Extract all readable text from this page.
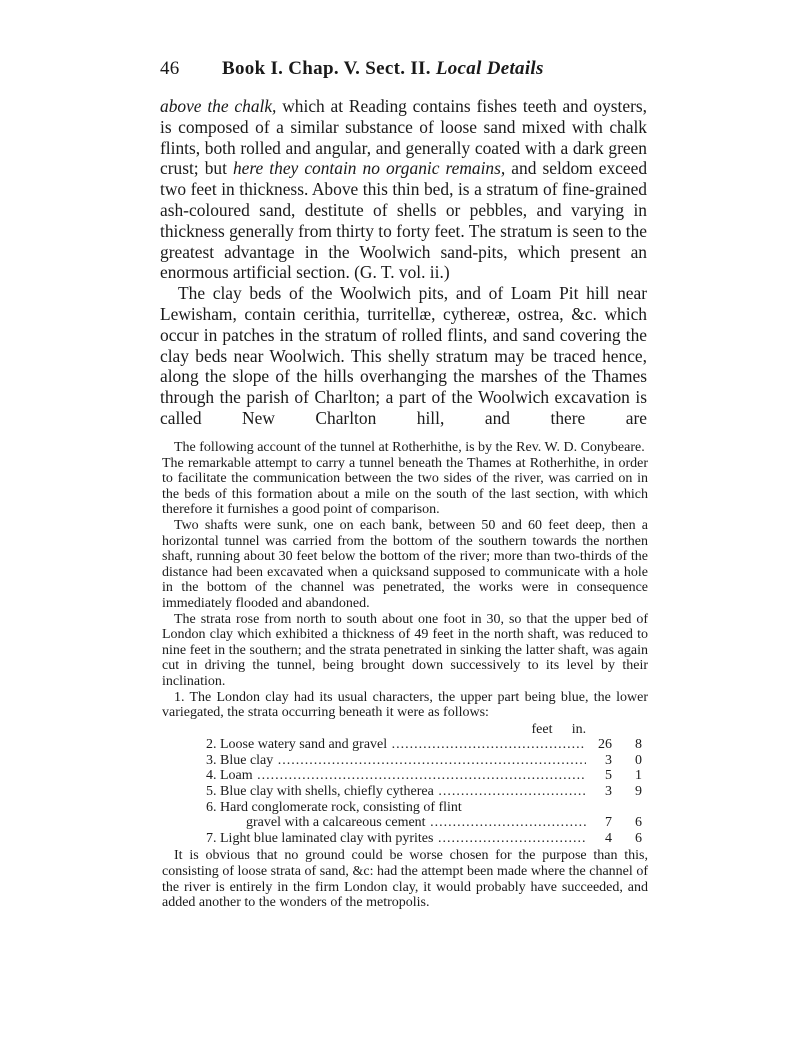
46 Book I. Chap. V. Sect. II. Local Details

above the chalk, which at Reading contains fishes teeth and oysters, is composed of a similar substance of loose sand mixed with chalk flints, both rolled and angular, and generally coated with a dark green crust; but here they contain no organic remains, and seldom exceed two feet in thickness. Above this thin bed, is a stratum of fine-grained ash-coloured sand, destitute of shells or pebbles, and varying in thickness generally from thirty to forty feet. The stratum is seen to the greatest advantage in the Woolwich sand-pits, which present an enormous artificial section. (G. T. vol. ii.)

The clay beds of the Woolwich pits, and of Loam Pit hill near Lewisham, contain cerithia, turritellæ, cythereæ, ostrea, &c. which occur in patches in the stratum of rolled flints, and sand covering the clay beds near Woolwich. This shelly stratum may be traced hence, along the slope of the hills overhanging the marshes of the Thames through the parish of Charlton; a part of the Woolwich excavation is called New Charlton hill, and there are

The following account of the tunnel at Rotherhithe, is by the Rev. W. D. Conybeare.

The remarkable attempt to carry a tunnel beneath the Thames at Rotherhithe, in order to facilitate the communication between the two sides of the river, was carried on in the beds of this formation about a mile on the south of the last section, with which therefore it furnishes a good point of comparison.

Two shafts were sunk, one on each bank, between 50 and 60 feet deep, then a horizontal tunnel was carried from the bottom of the southern towards the northen shaft, running about 30 feet below the bottom of the river; more than two-thirds of the distance had been excavated when a quicksand supposed to communicate with a hole in the bottom of the channel was penetrated, the works were in consequence immediately flooded and abandoned.

The strata rose from north to south about one foot in 30, so that the upper bed of London clay which exhibited a thickness of 49 feet in the north shaft, was reduced to nine feet in the southern; and the strata penetrated in sinking the latter shaft, was again cut in driving the tunnel, being brought down successively to its level by their inclination.

1. The London clay had its usual characters, the upper part being blue, the lower variegated, the strata occurring beneath it were as follows:

feet	in.
2. Loose watery sand and gravel .....	26	8
3. Blue clay .....	3	0
4. Loam .....	5	1
5. Blue clay with shells, chiefly cytherea .....	3	9
6. Hard conglomerate rock, consisting of flint
gravel with a calcareous cement .....	7	6
7. Light blue laminated clay with pyrites .....	4	6

It is obvious that no ground could be worse chosen for the purpose than this, consisting of loose strata of sand, &c: had the attempt been made where the channel of the river is entirely in the firm London clay, it would probably have succeeded, and added another to the wonders of the metropolis.
